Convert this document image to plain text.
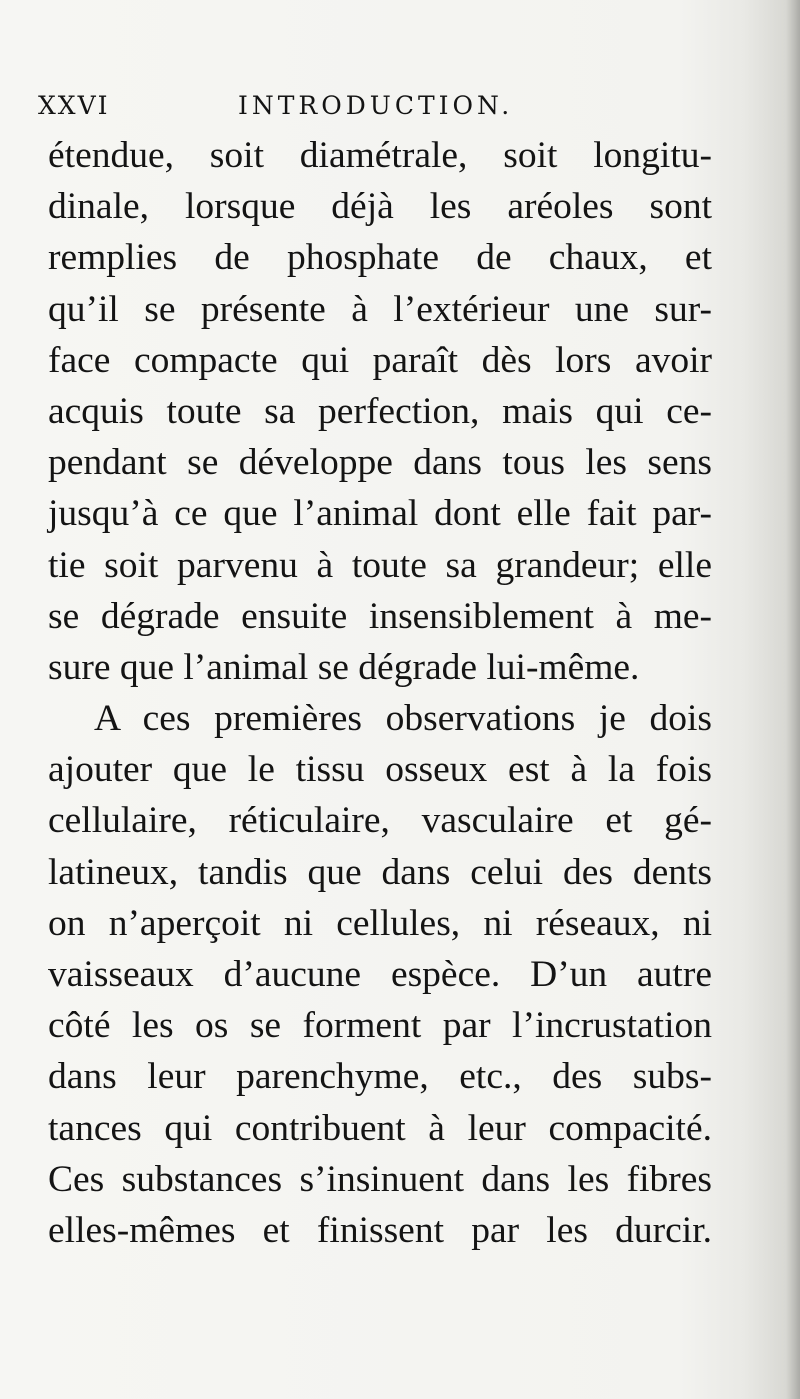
XXVI	INTRODUCTION.
étendue, soit diamétrale, soit longitu-
dinale, lorsque déjà les aréoles sont
remplies de phosphate de chaux, et
qu’il se présente à l’extérieur une sur-
face compacte qui paraît dès lors avoir
acquis toute sa perfection, mais qui ce-
pendant se développe dans tous les sens
jusqu’à ce que l’animal dont elle fait par-
tie soit parvenu à toute sa grandeur; elle
se dégrade ensuite insensiblement à me-
sure que l’animal se dégrade lui-même.
A ces premières observations je dois
ajouter que le tissu osseux est à la fois
cellulaire, réticulaire, vasculaire et gé-
latineux, tandis que dans celui des dents
on n’aperçoit ni cellules, ni réseaux, ni
vaisseaux d’aucune espèce. D’un autre
côté les os se forment par l’incrustation
dans leur parenchyme, etc., des subs-
tances qui contribuent à leur compacité.
Ces substances s’insinuent dans les fibres
elles-mêmes et finissent par les durcir.
